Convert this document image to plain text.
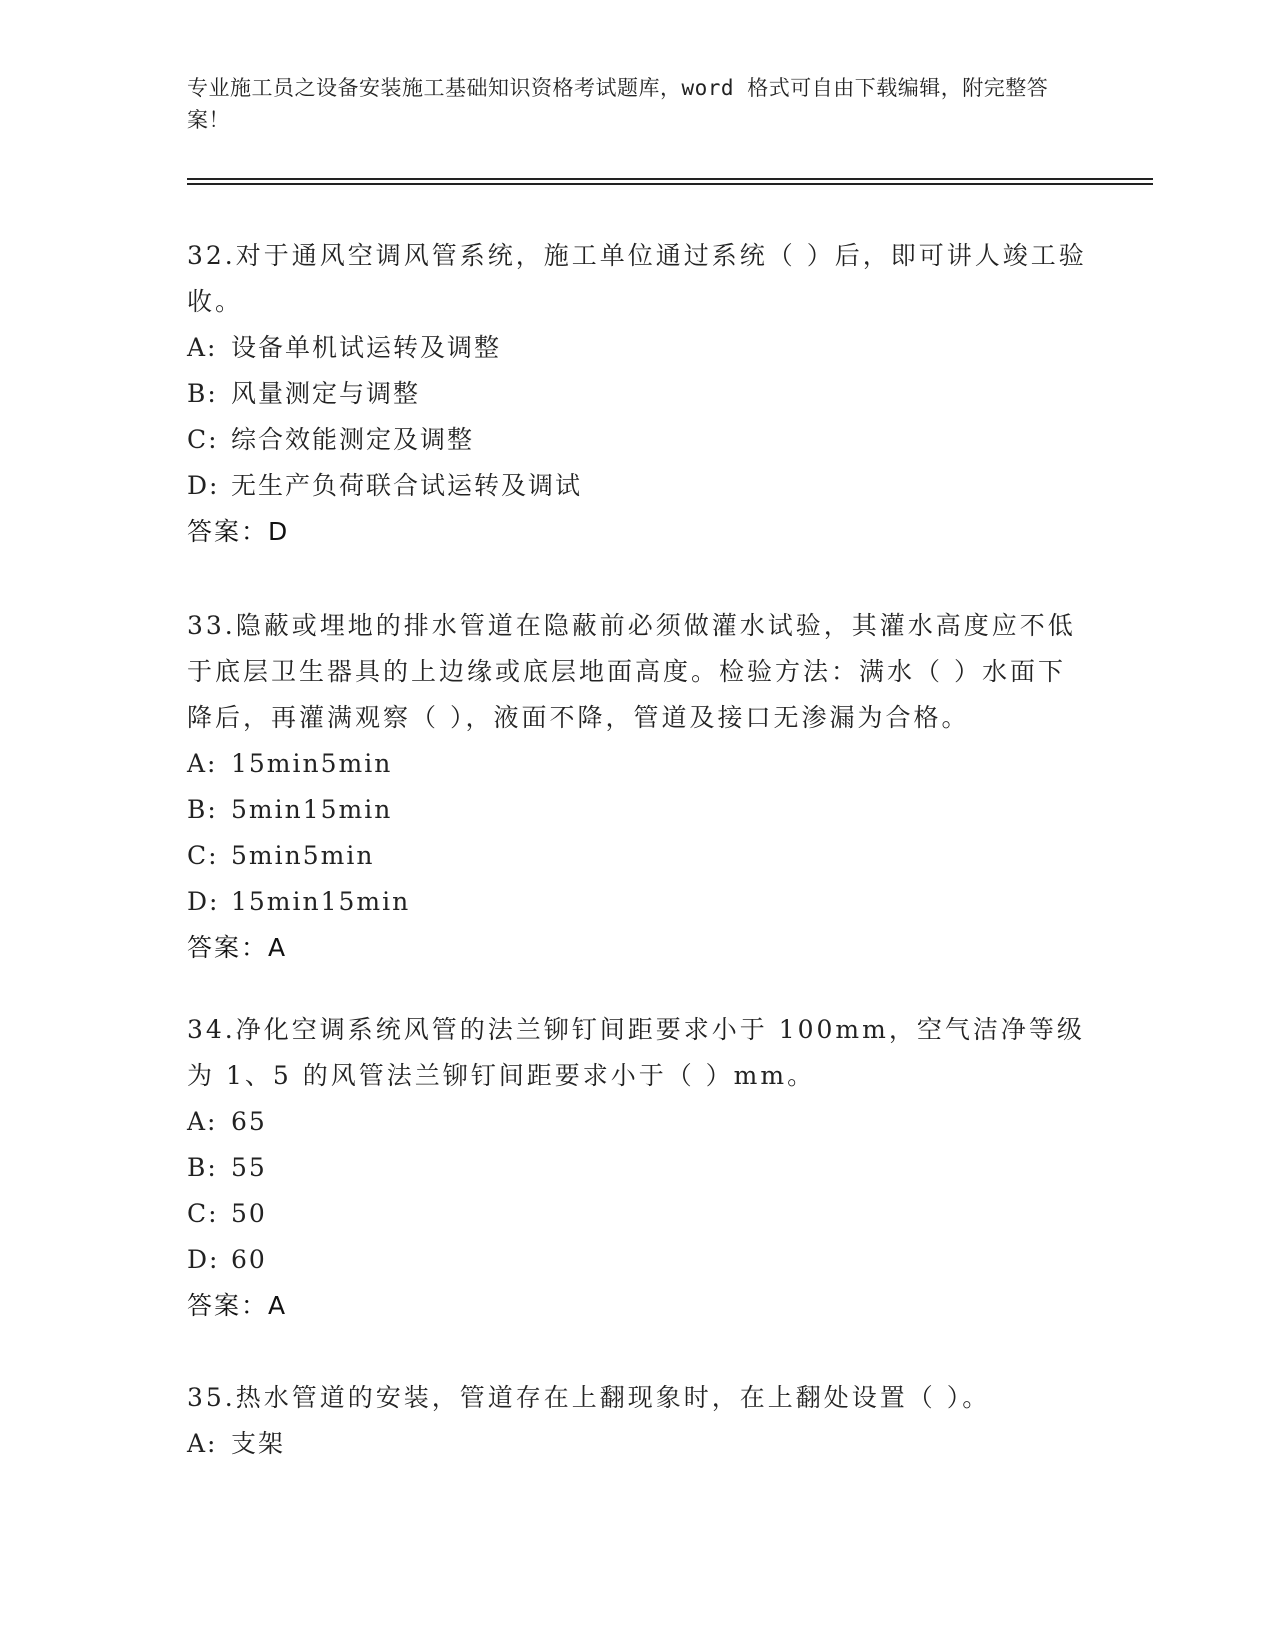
专业施工员之设备安装施工基础知识资格考试题库，word 格式可自由下载编辑，附完整答案！

32.对于通风空调风管系统，施工单位通过系统（ ）后，即可讲人竣工验收。

A: 设备单机试运转及调整

B: 风量测定与调整

C: 综合效能测定及调整

D: 无生产负荷联合试运转及调试

答案：D

33.隐蔽或埋地的排水管道在隐蔽前必须做灌水试验，其灌水高度应不低于底层卫生器具的上边缘或底层地面高度。检验方法：满水（ ）水面下降后，再灌满观察（ ），液面不降，管道及接口无渗漏为合格。

A: 15min5min

B: 5min15min

C: 5min5min

D: 15min15min

答案：A

34.净化空调系统风管的法兰铆钉间距要求小于 100mm，空气洁净等级为 1、5 的风管法兰铆钉间距要求小于（ ）mm。

A: 65

B: 55

C: 50

D: 60

答案：A

35.热水管道的安装，管道存在上翻现象时，在上翻处设置（ ）。

A: 支架
